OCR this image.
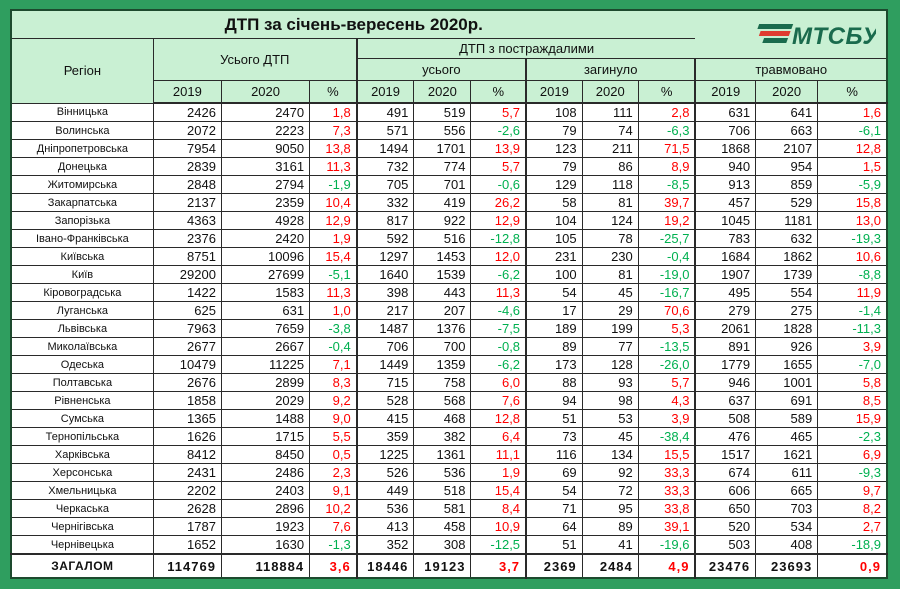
ДТП за січень-вересень 2020р.										МТСБУ		

Регіон	Усього ДТП			ДТП з постраждалими								
				усього			загинуло			травмовано		
	2019	2020	%	2019	2020	%	2019	2020	%	2019	2020	%
Вінницька	2426	2470	1,8	491	519	5,7	108	111	2,8	631	641	1,6
Волинська	2072	2223	7,3	571	556	-2,6	79	74	-6,3	706	663	-6,1
Дніпропетровська	7954	9050	13,8	1494	1701	13,9	123	211	71,5	1868	2107	12,8
Донецька	2839	3161	11,3	732	774	5,7	79	86	8,9	940	954	1,5
Житомирська	2848	2794	-1,9	705	701	-0,6	129	118	-8,5	913	859	-5,9
Закарпатська	2137	2359	10,4	332	419	26,2	58	81	39,7	457	529	15,8
Запорізька	4363	4928	12,9	817	922	12,9	104	124	19,2	1045	1181	13,0
Івано-Франківська	2376	2420	1,9	592	516	-12,8	105	78	-25,7	783	632	-19,3
Київська	8751	10096	15,4	1297	1453	12,0	231	230	-0,4	1684	1862	10,6
Київ	29200	27699	-5,1	1640	1539	-6,2	100	81	-19,0	1907	1739	-8,8
Кіровоградська	1422	1583	11,3	398	443	11,3	54	45	-16,7	495	554	11,9
Луганська	625	631	1,0	217	207	-4,6	17	29	70,6	279	275	-1,4
Львівська	7963	7659	-3,8	1487	1376	-7,5	189	199	5,3	2061	1828	-11,3
Миколаївська	2677	2667	-0,4	706	700	-0,8	89	77	-13,5	891	926	3,9
Одеська	10479	11225	7,1	1449	1359	-6,2	173	128	-26,0	1779	1655	-7,0
Полтавська	2676	2899	8,3	715	758	6,0	88	93	5,7	946	1001	5,8
Рівненська	1858	2029	9,2	528	568	7,6	94	98	4,3	637	691	8,5
Сумська	1365	1488	9,0	415	468	12,8	51	53	3,9	508	589	15,9
Тернопільська	1626	1715	5,5	359	382	6,4	73	45	-38,4	476	465	-2,3
Харківська	8412	8450	0,5	1225	1361	11,1	116	134	15,5	1517	1621	6,9
Херсонська	2431	2486	2,3	526	536	1,9	69	92	33,3	674	611	-9,3
Хмельницька	2202	2403	9,1	449	518	15,4	54	72	33,3	606	665	9,7
Черкаська	2628	2896	10,2	536	581	8,4	71	95	33,8	650	703	8,2
Чернігівська	1787	1923	7,6	413	458	10,9	64	89	39,1	520	534	2,7
Чернівецька	1652	1630	-1,3	352	308	-12,5	51	41	-19,6	503	408	-18,9
ЗАГАЛОМ	114769	118884	3,6	18446	19123	3,7	2369	2484	4,9	23476	23693	0,9
